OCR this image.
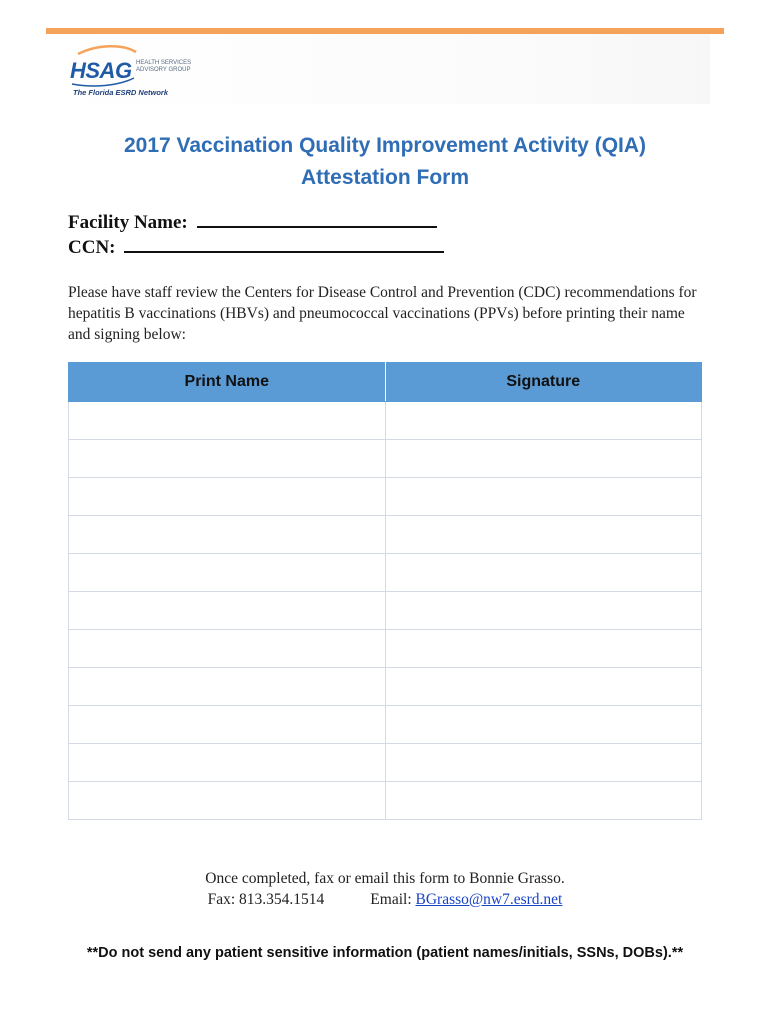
HSAG HEALTH SERVICES
ADVISORY GROUP
The Florida ESRD Network
2017 Vaccination Quality Improvement Activity (QIA)
Attestation Form
Facility Name:
CCN:
Please have staff review the Centers for Disease Control and Prevention (CDC) recommendations for hepatitis B vaccinations (HBVs) and pneumococcal vaccinations (PPVs) before printing their name and signing below:
Print Name	Signature

Once completed, fax or email this form to Bonnie Grasso.
Fax: 813.354.1514	Email: BGrasso@nw7.esrd.net
**Do not send any patient sensitive information (patient names/initials, SSNs, DOBs).**
